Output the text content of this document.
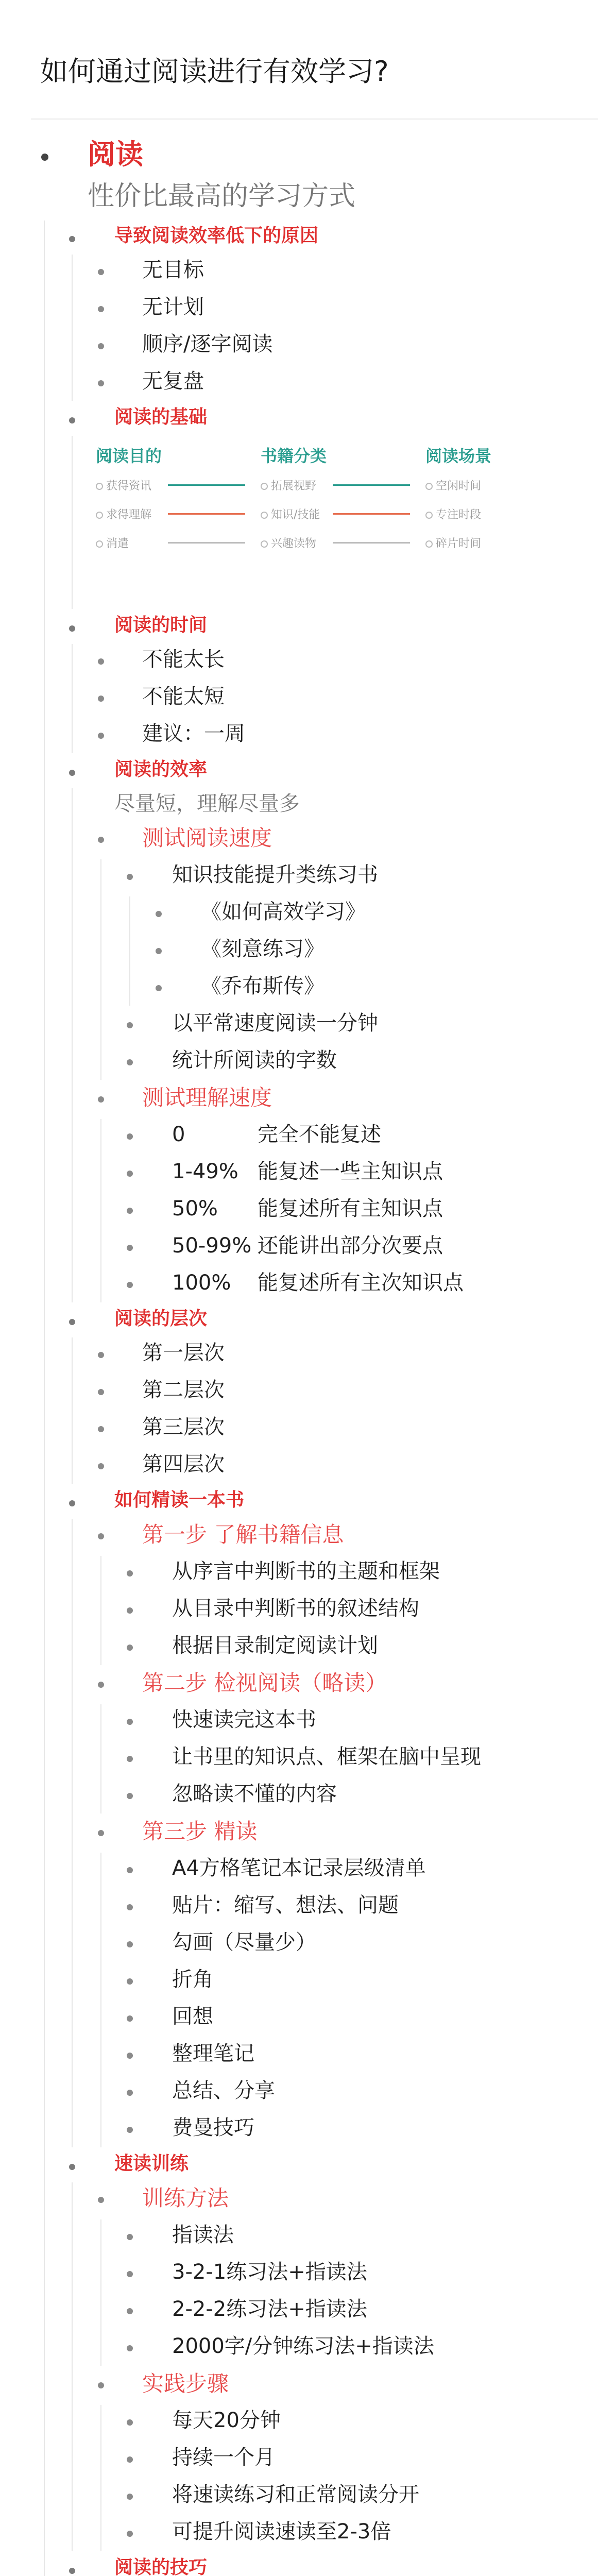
如何通过阅读进行有效学习?
阅读
性价比最高的学习方式
导致阅读效率低下的原因
无目标
无计划
顺序/逐字阅读
无复盘
阅读的基础
阅读的时间
不能太长
不能太短
建议：一周
阅读的效率
尽量短，理解尽量多
测试阅读速度
知识技能提升类练习书
《如何高效学习》
《刻意练习》
《乔布斯传》
以平常速度阅读一分钟
统计所阅读的字数
测试理解速度
0	完全不能复述
1-49% 能复述一些主知识点
50% 能复述所有主知识点
50-99% 还能讲出部分次要点
100% 能复述所有主次知识点
阅读的层次
第一层次
第二层次
第三层次
第四层次
如何精读一本书
第一步 了解书籍信息
从序言中判断书的主题和框架
从目录中判断书的叙述结构
根据目录制定阅读计划
第二步 检视阅读（略读）
快速读完这本书
让书里的知识点、框架在脑中呈现
忽略读不懂的内容
第三步 精读
A4方格笔记本记录层级清单
贴片：缩写、想法、问题
勾画（尽量少）
折角
回想
整理笔记
总结、分享
费曼技巧
速读训练
训练方法
指读法
3-2-1练习法+指读法
2-2-2练习法+指读法
2000字/分钟练习法+指读法
实践步骤
每天20分钟
持续一个月
将速读练习和正常阅读分开
可提升阅读速读至2-3倍
阅读的技巧
阅读目的
获得资讯
求得理解
消遣
书籍分类
拓展视野
知识/技能
兴趣读物
阅读场景
空闲时间
专注时段
碎片时间
